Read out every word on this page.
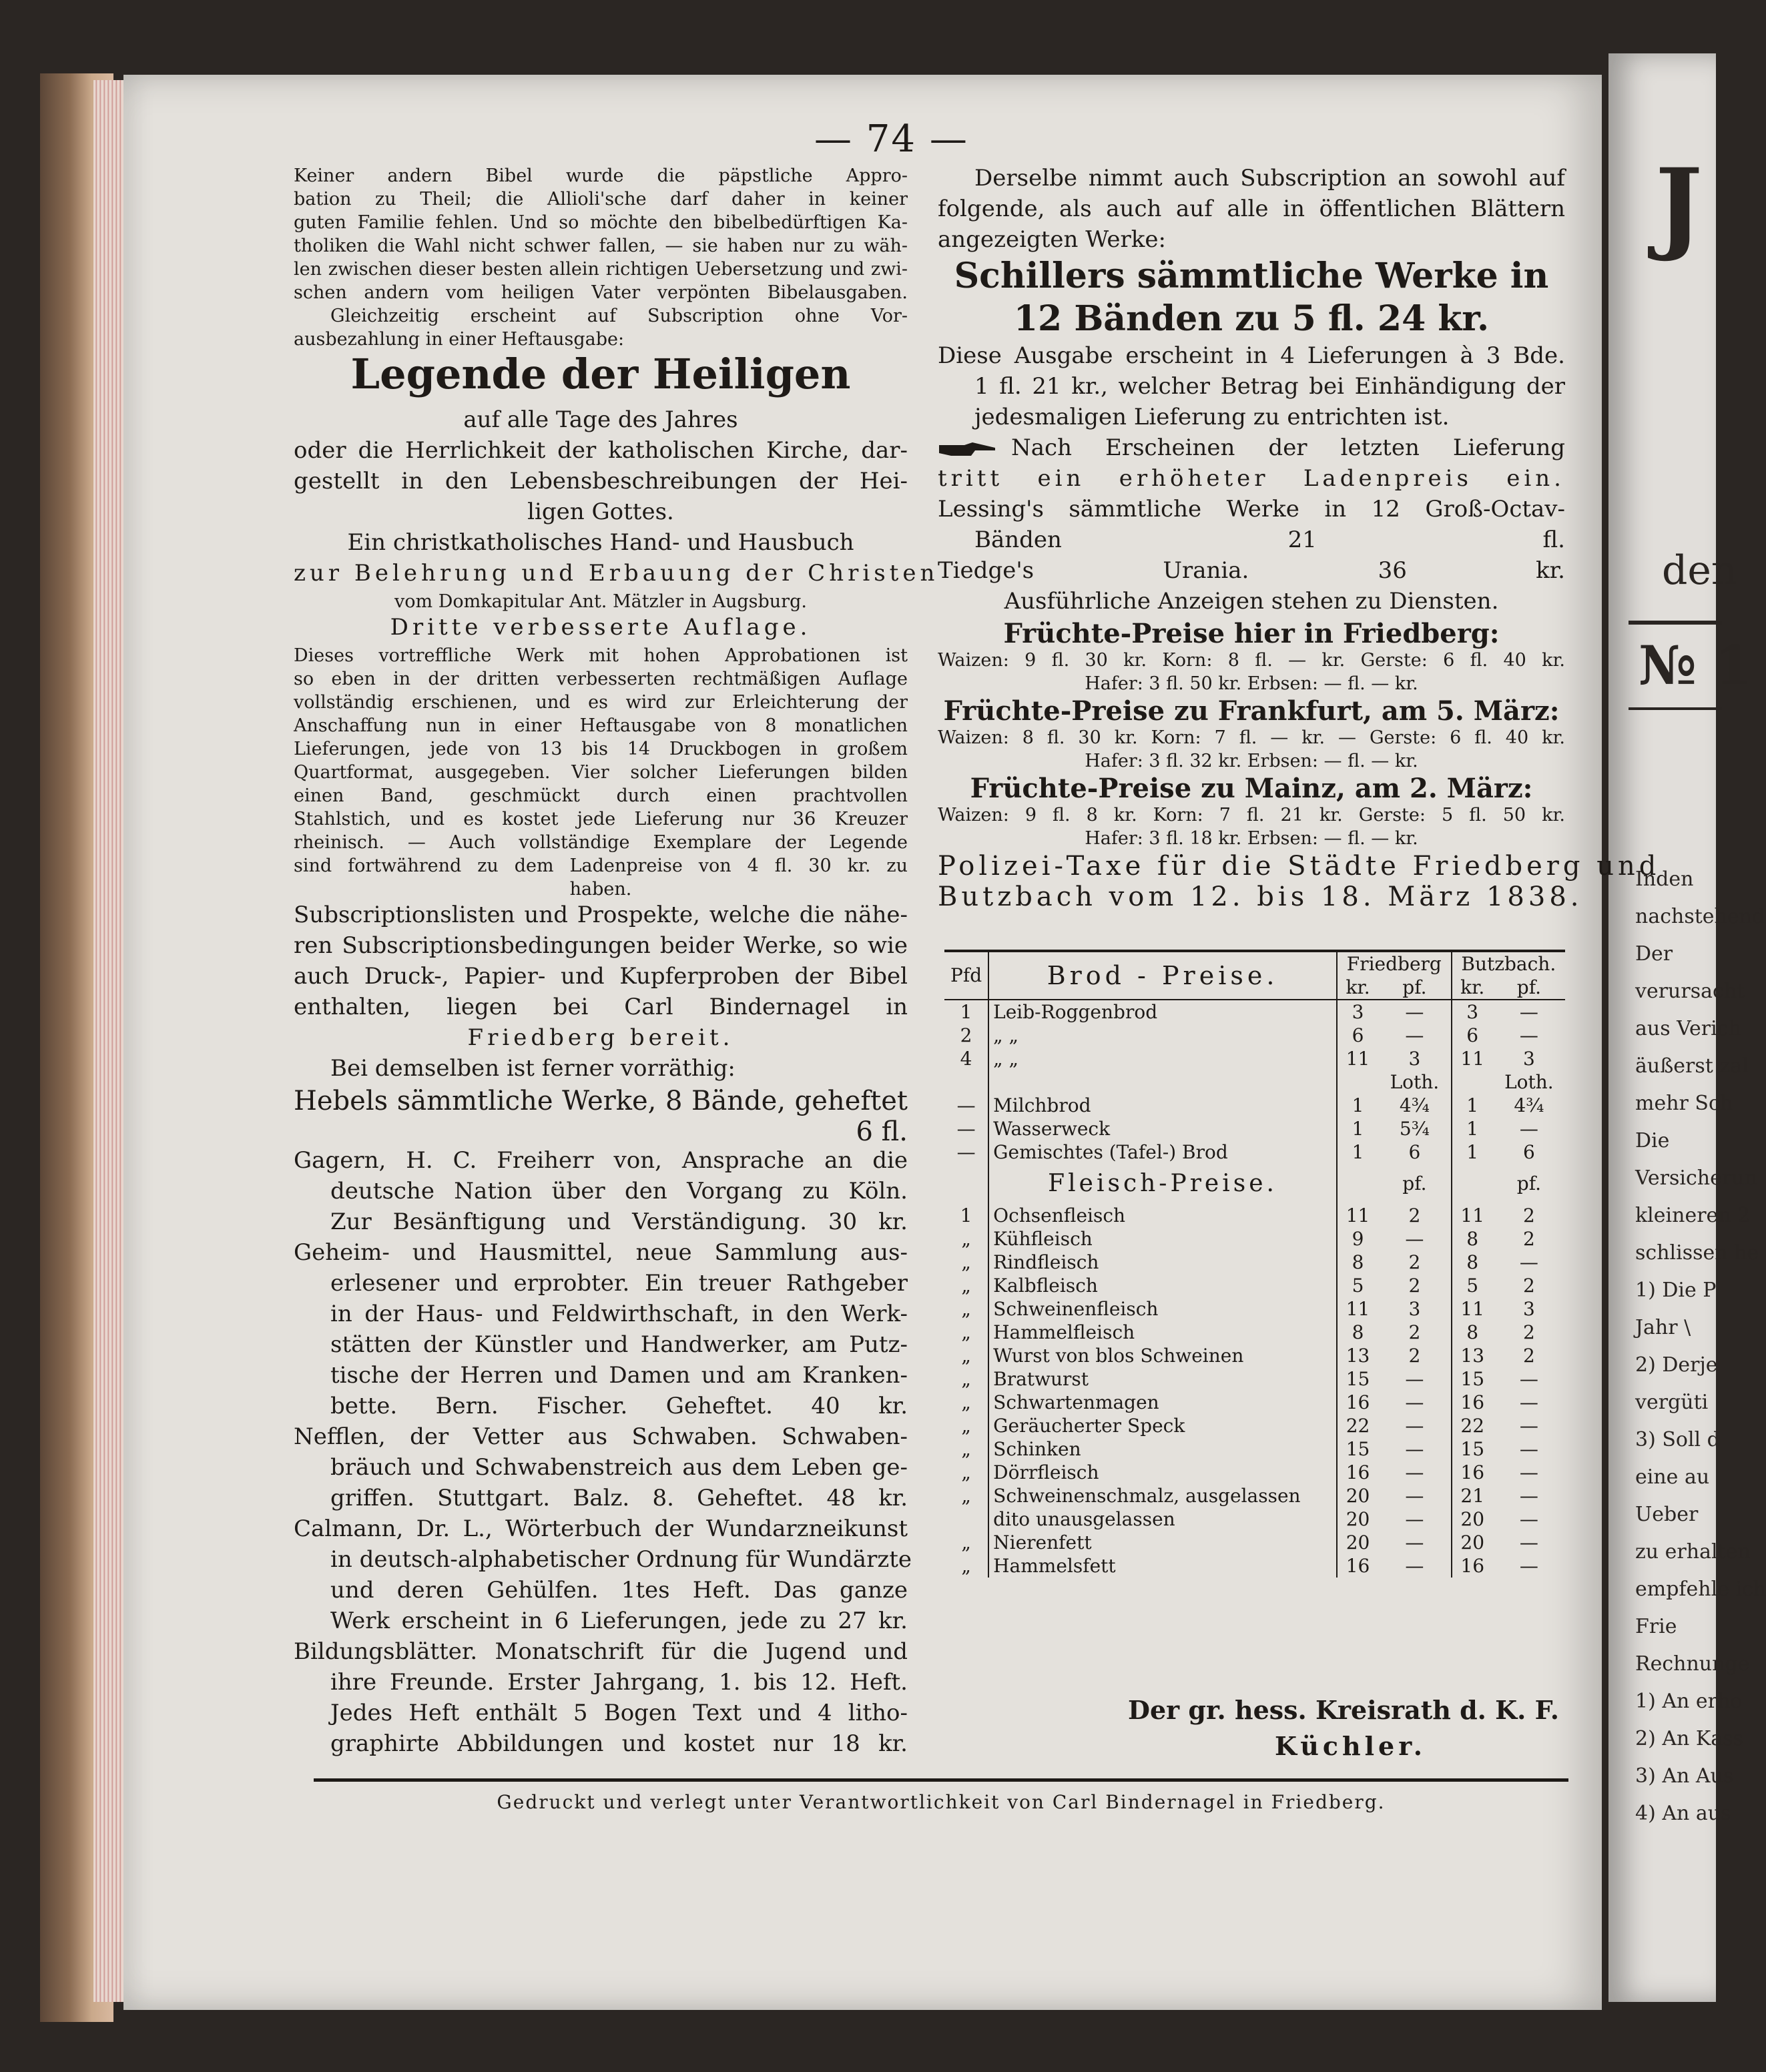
J
den
№ 1
Inden
nachstehend
Der
verursacht
aus Verich
äußerst zal
mehr Sch
Die
Versicherun
kleineren 2
schlissen he
1) Die P
Jahr \
2) Derje
vergüti
3) Soll d
eine au
Ueber
zu erhalten
empfehle ich
Frie
Rechnunge
1) An erho
2) An Kass
3) An Aus
4) An aus
— 74 —

Keiner andern Bibel wurde die päpstliche Appro-

bation zu Theil; die Allioli'sche darf daher in keiner

guten Familie fehlen. Und so möchte den bibelbedürftigen Ka-

tholiken die Wahl nicht schwer fallen, — sie haben nur zu wäh-

len zwischen dieser besten allein richtigen Uebersetzung und zwi-

schen andern vom heiligen Vater verpönten Bibelausgaben.

Gleichzeitig erscheint auf Subscription ohne Vor-

ausbezahlung in einer Heftausgabe:

Legende der Heiligen

auf alle Tage des Jahres

oder die Herrlichkeit der katholischen Kirche, dar-

gestellt in den Lebensbeschreibungen der Hei-

ligen Gottes.

Ein christkatholisches Hand- und Hausbuch

zur Belehrung und Erbauung der Christen

vom Domkapitular Ant. Mätzler in Augsburg.

Dritte verbesserte Auflage.

Dieses vortreffliche Werk mit hohen Approbationen ist

so eben in der dritten verbesserten rechtmäßigen Auflage

vollständig erschienen, und es wird zur Erleichterung der

Anschaffung nun in einer Heftausgabe von 8 monatlichen

Lieferungen, jede von 13 bis 14 Druckbogen in großem

Quartformat, ausgegeben. Vier solcher Lieferungen bilden

einen Band, geschmückt durch einen prachtvollen

Stahlstich, und es kostet jede Lieferung nur 36 Kreuzer

rheinisch. — Auch vollständige Exemplare der Legende

sind fortwährend zu dem Ladenpreise von 4 fl. 30 kr. zu

haben.

Subscriptionslisten und Prospekte, welche die nähe-

ren Subscriptionsbedingungen beider Werke, so wie

auch Druck-, Papier- und Kupferproben der Bibel

enthalten, liegen bei Carl Bindernagel in

Friedberg bereit.

Bei demselben ist ferner vorräthig:

Hebels sämmtliche Werke, 8 Bände, geheftet

6 fl.

Gagern, H. C. Freiherr von, Ansprache an die

deutsche Nation über den Vorgang zu Köln.

Zur Besänftigung und Verständigung. 30 kr.

Geheim- und Hausmittel, neue Sammlung aus-

erlesener und erprobter. Ein treuer Rathgeber

in der Haus- und Feldwirthschaft, in den Werk-

stätten der Künstler und Handwerker, am Putz-

tische der Herren und Damen und am Kranken-

bette. Bern. Fischer. Geheftet. 40 kr.

Nefflen, der Vetter aus Schwaben. Schwaben-

bräuch und Schwabenstreich aus dem Leben ge-

griffen. Stuttgart. Balz. 8. Geheftet. 48 kr.

Calmann, Dr. L., Wörterbuch der Wundarzneikunst

in deutsch-alphabetischer Ordnung für Wundärzte

und deren Gehülfen. 1tes Heft. Das ganze

Werk erscheint in 6 Lieferungen, jede zu 27 kr.

Bildungsblätter. Monatschrift für die Jugend und

ihre Freunde. Erster Jahrgang, 1. bis 12. Heft.

Jedes Heft enthält 5 Bogen Text und 4 litho-

graphirte Abbildungen und kostet nur 18 kr.

Derselbe nimmt auch Subscription an sowohl auf

folgende, als auch auf alle in öffentlichen Blättern

angezeigten Werke:

Schillers sämmtliche Werke in

12 Bänden zu 5 fl. 24 kr.

Diese Ausgabe erscheint in 4 Lieferungen à 3 Bde.

1 fl. 21 kr., welcher Betrag bei Einhändigung der

jedesmaligen Lieferung zu entrichten ist.

Nach Erscheinen der letzten Lieferung

tritt ein erhöheter Ladenpreis ein.

Lessing's sämmtliche Werke in 12 Groß-Octav-

Bänden 21 fl.

Tiedge's Urania. 36 kr.

Ausführliche Anzeigen stehen zu Diensten.

Früchte-Preise hier in Friedberg:

Waizen: 9 fl. 30 kr. Korn: 8 fl. — kr. Gerste: 6 fl. 40 kr.

Hafer: 3 fl. 50 kr. Erbsen: — fl. — kr.

Früchte-Preise zu Frankfurt, am 5. März:

Waizen: 8 fl. 30 kr. Korn: 7 fl. — kr. — Gerste: 6 fl. 40 kr.

Hafer: 3 fl. 32 kr. Erbsen: — fl. — kr.

Früchte-Preise zu Mainz, am 2. März:

Waizen: 9 fl. 8 kr. Korn: 7 fl. 21 kr. Gerste: 5 fl. 50 kr.

Hafer: 3 fl. 18 kr. Erbsen: — fl. — kr.

Polizei-Taxe für die Städte Friedberg und

Butzbach vom 12. bis 18. März 1838.

Pfd	Brod - Preise.	Friedberg		Butzbach.	
		kr.	pf.	kr.	pf.
1	Leib-Roggenbrod	3	—	3	—
2	„ „	6	—	6	—
4	„ „	11	3	11	3
			Loth.		Loth.
—	Milchbrod	1	4¾	1	4¾
—	Wasserweck	1	5¾	1	—
—	Gemischtes (Tafel-) Brod	1	6	1	6
	Fleisch-Preise.		pf.		pf.
1	Ochsenfleisch	11	2	11	2
„	Kühfleisch	9	—	8	2
„	Rindfleisch	8	2	8	—
„	Kalbfleisch	5	2	5	2
„	Schweinenfleisch	11	3	11	3
„	Hammelfleisch	8	2	8	2
„	Wurst von blos Schweinen	13	2	13	2
„	Bratwurst	15	—	15	—
„	Schwartenmagen	16	—	16	—
„	Geräucherter Speck	22	—	22	—
„	Schinken	15	—	15	—
„	Dörrfleisch	16	—	16	—
„	Schweinenschmalz, ausgelassen	20	—	21	—
	dito unausgelassen	20	—	20	—
„	Nierenfett	20	—	20	—
„	Hammelsfett	16	—	16	—
Der gr. hess. Kreisrath d. K. F.
Küchler.
Gedruckt und verlegt unter Verantwortlichkeit von Carl Bindernagel in Friedberg.
